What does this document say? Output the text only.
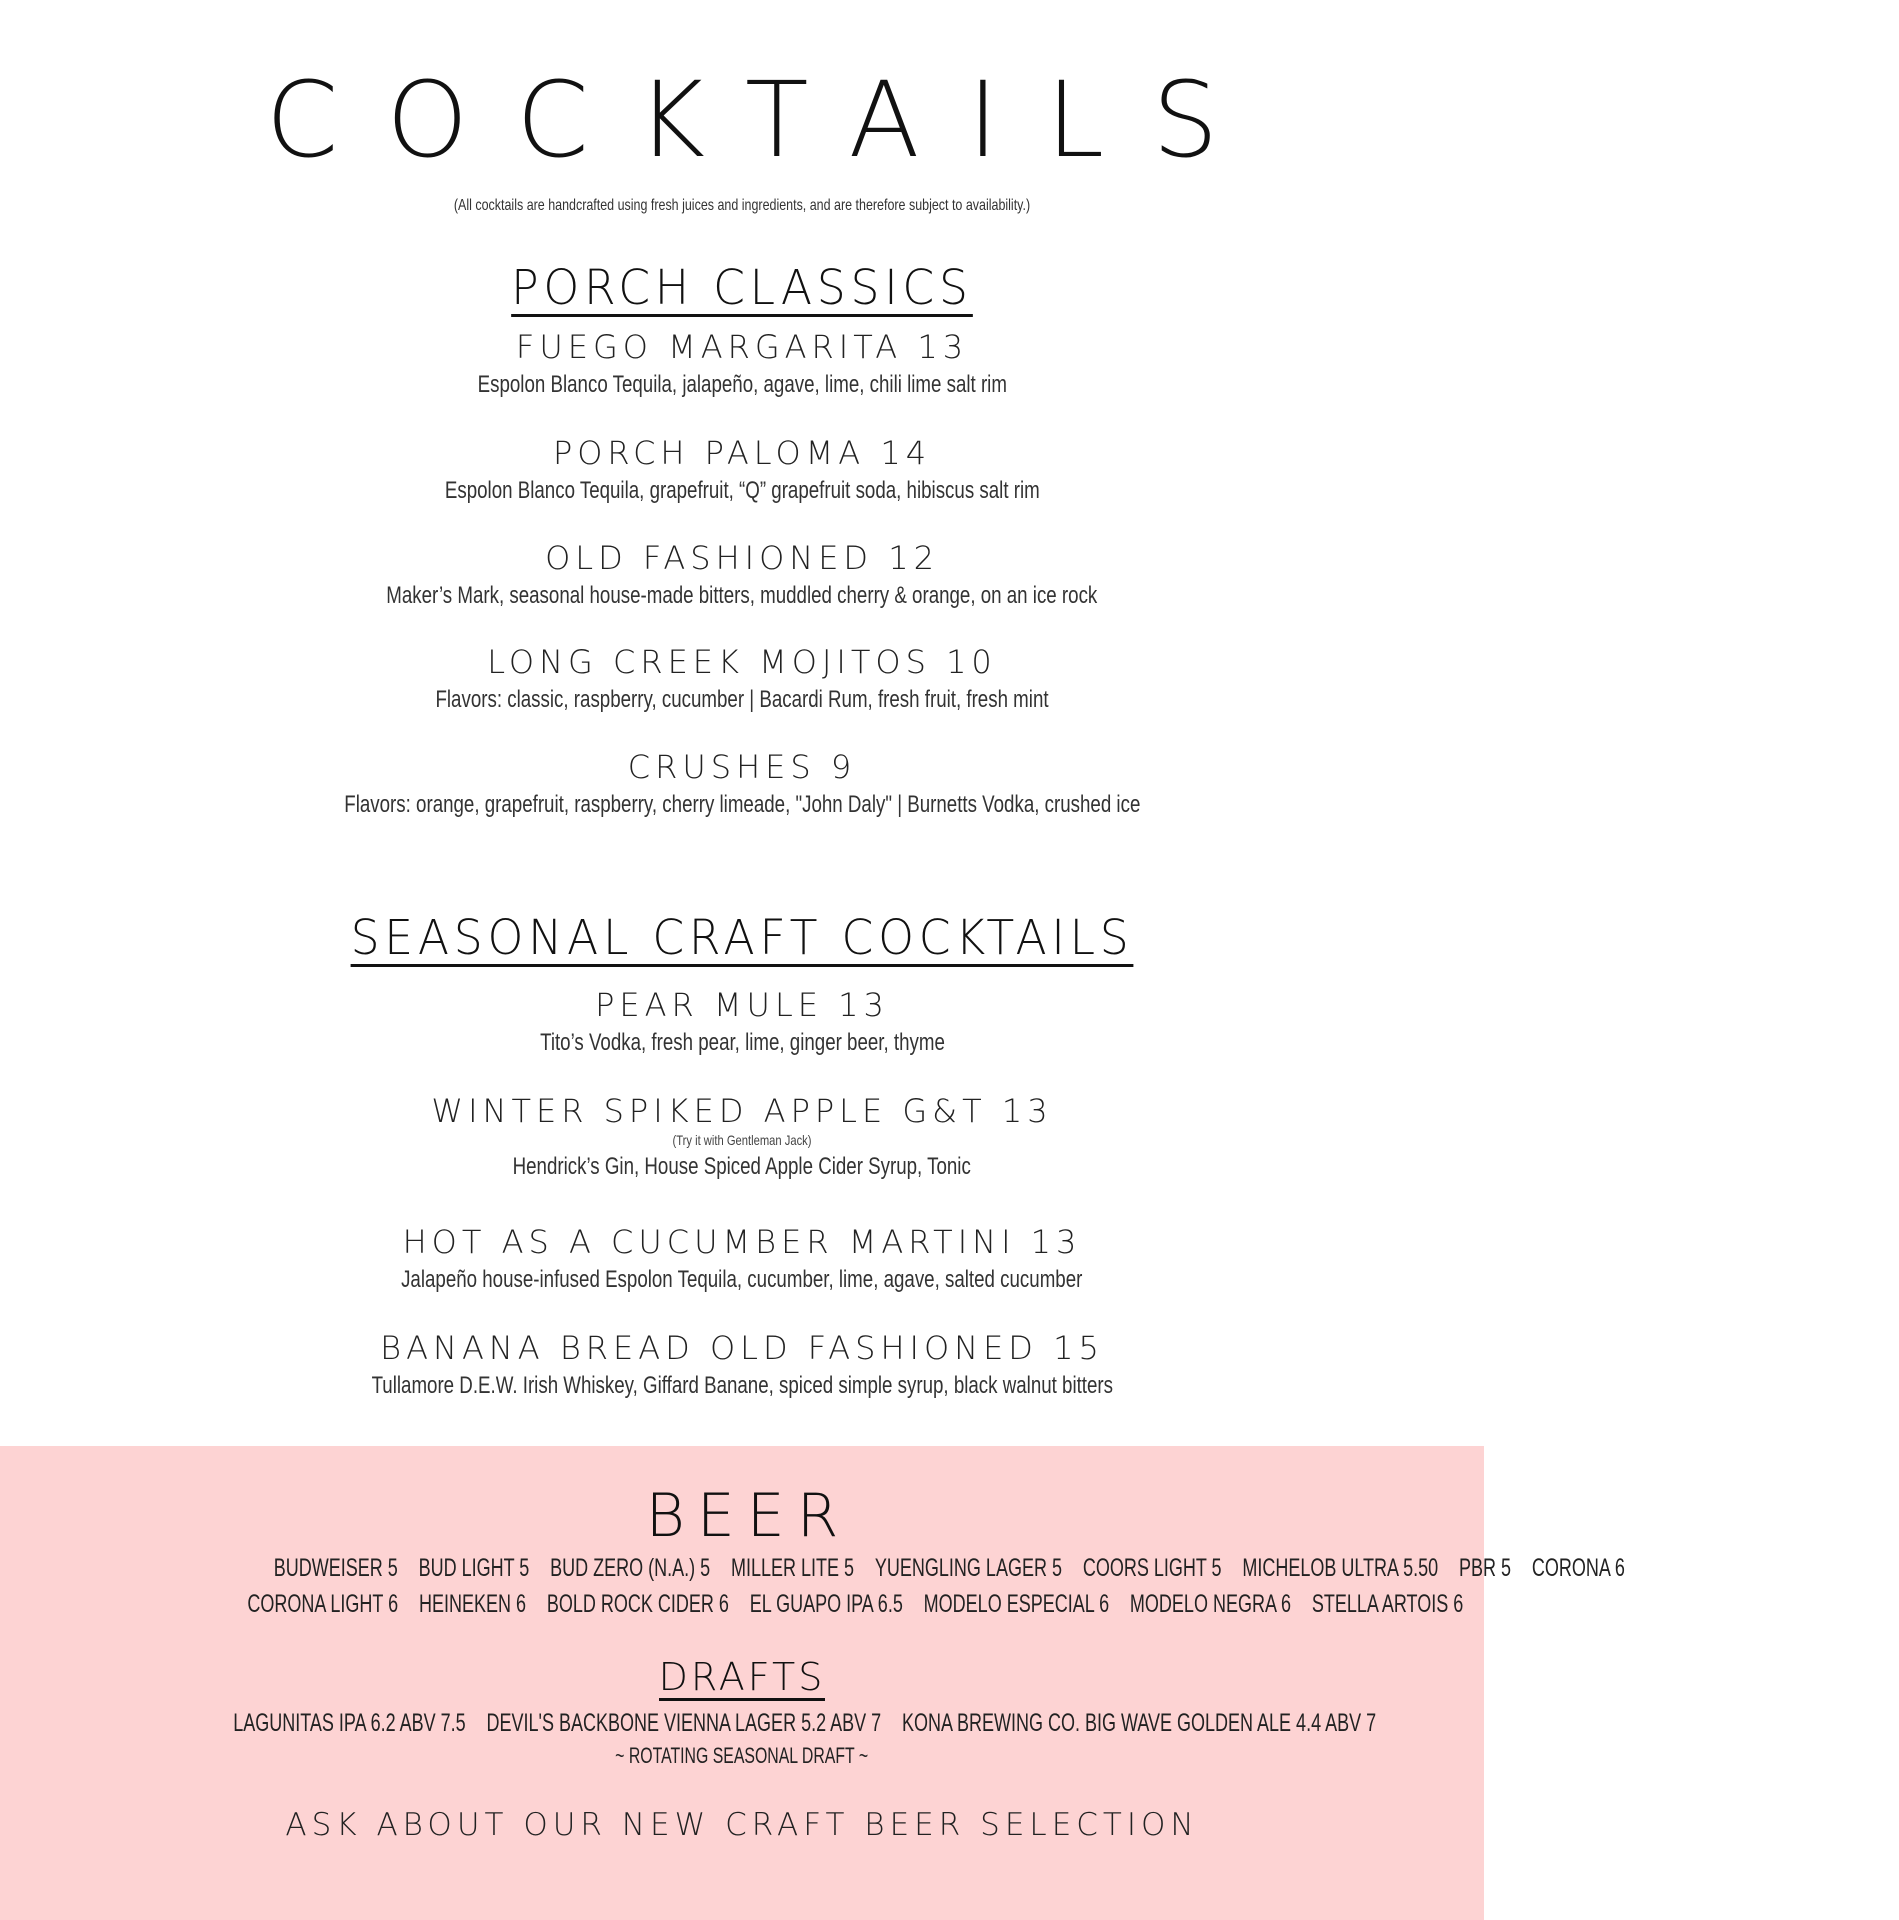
COCKTAILS
(All cocktails are handcrafted using fresh juices and ingredients, and are therefore subject to availability.)
PORCH CLASSICS
FUEGO MARGARITA 13
Espolon Blanco Tequila, jalapeño, agave, lime, chili lime salt rim
PORCH PALOMA 14
Espolon Blanco Tequila, grapefruit, “Q” grapefruit soda, hibiscus salt rim
OLD FASHIONED 12
Maker’s Mark, seasonal house-made bitters, muddled cherry & orange, on an ice rock
LONG CREEK MOJITOS 10
Flavors: classic, raspberry, cucumber | Bacardi Rum, fresh fruit, fresh mint
CRUSHES 9
Flavors: orange, grapefruit, raspberry, cherry limeade, "John Daly" | Burnetts Vodka, crushed ice
SEASONAL CRAFT COCKTAILS
PEAR MULE 13
Tito’s Vodka, fresh pear, lime, ginger beer, thyme
WINTER SPIKED APPLE G&T 13
(Try it with Gentleman Jack)
Hendrick’s Gin, House Spiced Apple Cider Syrup, Tonic
HOT AS A CUCUMBER MARTINI 13
Jalapeño house-infused Espolon Tequila, cucumber, lime, agave, salted cucumber
BANANA BREAD OLD FASHIONED 15
Tullamore D.E.W. Irish Whiskey, Giffard Banane, spiced simple syrup, black walnut bitters
BEER
BUDWEISER 5 BUD LIGHT 5 BUD ZERO (N.A.) 5 MILLER LITE 5 YUENGLING LAGER 5 COORS LIGHT 5 MICHELOB ULTRA 5.50 PBR 5 CORONA 6
CORONA LIGHT 6 HEINEKEN 6 BOLD ROCK CIDER 6 EL GUAPO IPA 6.5 MODELO ESPECIAL 6 MODELO NEGRA 6 STELLA ARTOIS 6
DRAFTS
LAGUNITAS IPA 6.2 ABV 7.5 DEVIL'S BACKBONE VIENNA LAGER 5.2 ABV 7 KONA BREWING CO. BIG WAVE GOLDEN ALE 4.4 ABV 7
~ ROTATING SEASONAL DRAFT ~
ASK ABOUT OUR NEW CRAFT BEER SELECTION
